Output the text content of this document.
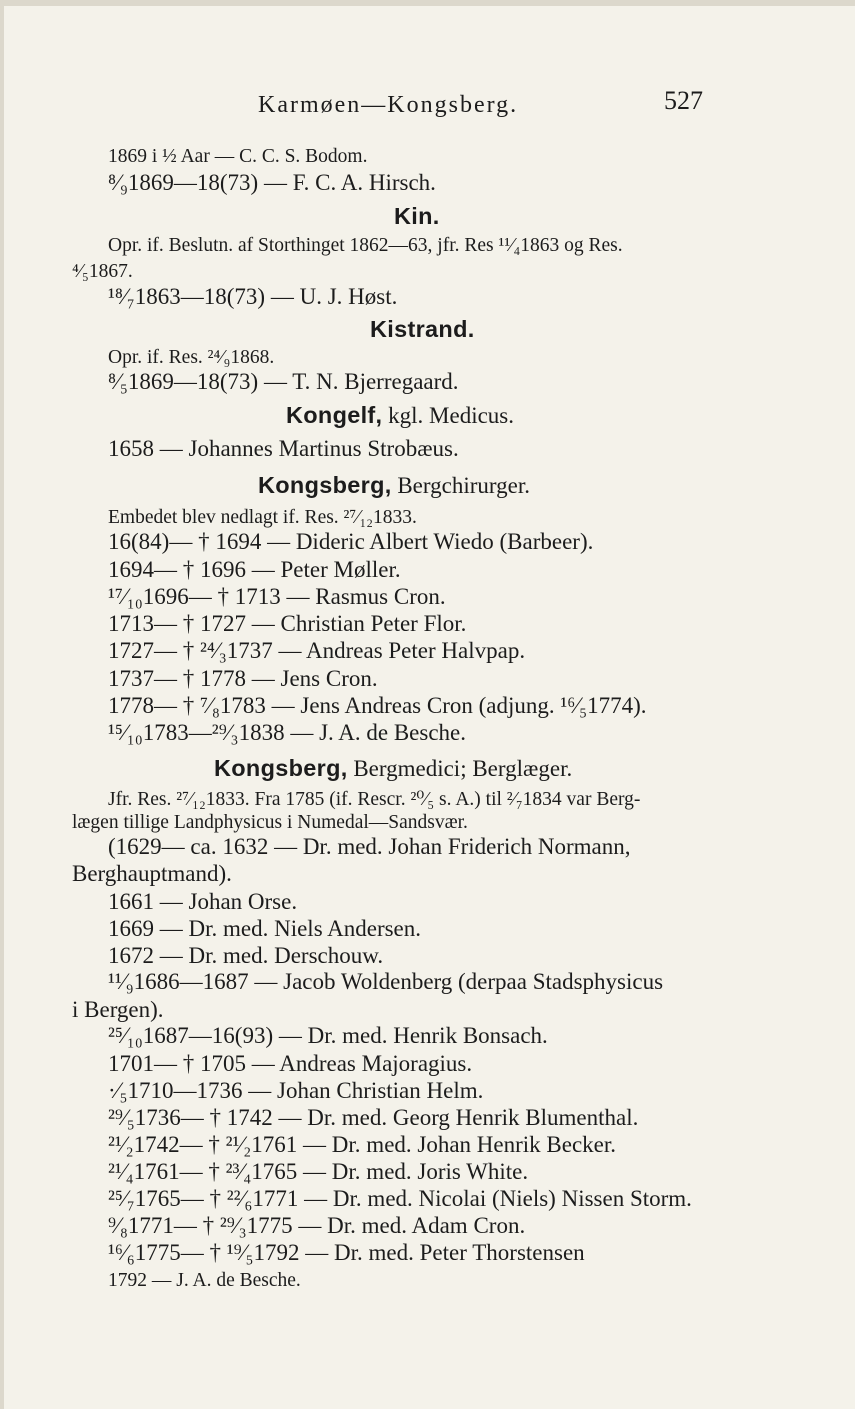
Karmøen—Kongsberg.	527
1869 i ½ Aar — C. C. S. Bodom.
⁸⁄₉1869—18(73) — F. C. A. Hirsch.
Kin.
Opr. if. Beslutn. af Storthinget 1862—63, jfr. Res ¹¹⁄₄1863 og Res.
⁴⁄₅1867.
¹⁸⁄₇1863—18(73) — U. J. Høst.
Kistrand.
Opr. if. Res. ²⁴⁄₉1868.
⁸⁄₅1869—18(73) — T. N. Bjerregaard.
Kongelf, kgl. Medicus.
1658 — Johannes Martinus Strobæus.
Kongsberg, Bergchirurger.
Embedet blev nedlagt if. Res. ²⁷⁄₁₂1833.
16(84)— † 1694 — Dideric Albert Wiedo (Barbeer).
1694— † 1696 — Peter Møller.
¹⁷⁄₁₀1696— † 1713 — Rasmus Cron.
1713— † 1727 — Christian Peter Flor.
1727— † ²⁴⁄₃1737 — Andreas Peter Halvpap.
1737— † 1778 — Jens Cron.
1778— † ⁷⁄₈1783 — Jens Andreas Cron (adjung. ¹⁶⁄₅1774).
¹⁵⁄₁₀1783—²⁹⁄₃1838 — J. A. de Besche.
Kongsberg, Bergmedici; Berglæger.
Jfr. Res. ²⁷⁄₁₂1833. Fra 1785 (if. Rescr. ²⁰⁄₅ s. A.) til ²⁄₇1834 var Berg-
lægen tillige Landphysicus i Numedal—Sandsvær.
(1629— ca. 1632 — Dr. med. Johan Friderich Normann,
Berghauptmand).
1661 — Johan Orse.
1669 — Dr. med. Niels Andersen.
1672 — Dr. med. Derschouw.
¹¹⁄₉1686—1687 — Jacob Woldenberg (derpaa Stadsphysicus
i Bergen).
²⁵⁄₁₀1687—16(93) — Dr. med. Henrik Bonsach.
1701— † 1705 — Andreas Majoragius.
·⁄₅1710—1736 — Johan Christian Helm.
²⁹⁄₅1736— † 1742 — Dr. med. Georg Henrik Blumenthal.
²¹⁄₂1742— † ²¹⁄₂1761 — Dr. med. Johan Henrik Becker.
²¹⁄₄1761— † ²³⁄₄1765 — Dr. med. Joris White.
²⁵⁄₇1765— † ²²⁄₆1771 — Dr. med. Nicolai (Niels) Nissen Storm.
⁹⁄₈1771— † ²⁹⁄₃1775 — Dr. med. Adam Cron.
¹⁶⁄₆1775— † ¹⁹⁄₅1792 — Dr. med. Peter Thorstensen
1792 — J. A. de Besche.
